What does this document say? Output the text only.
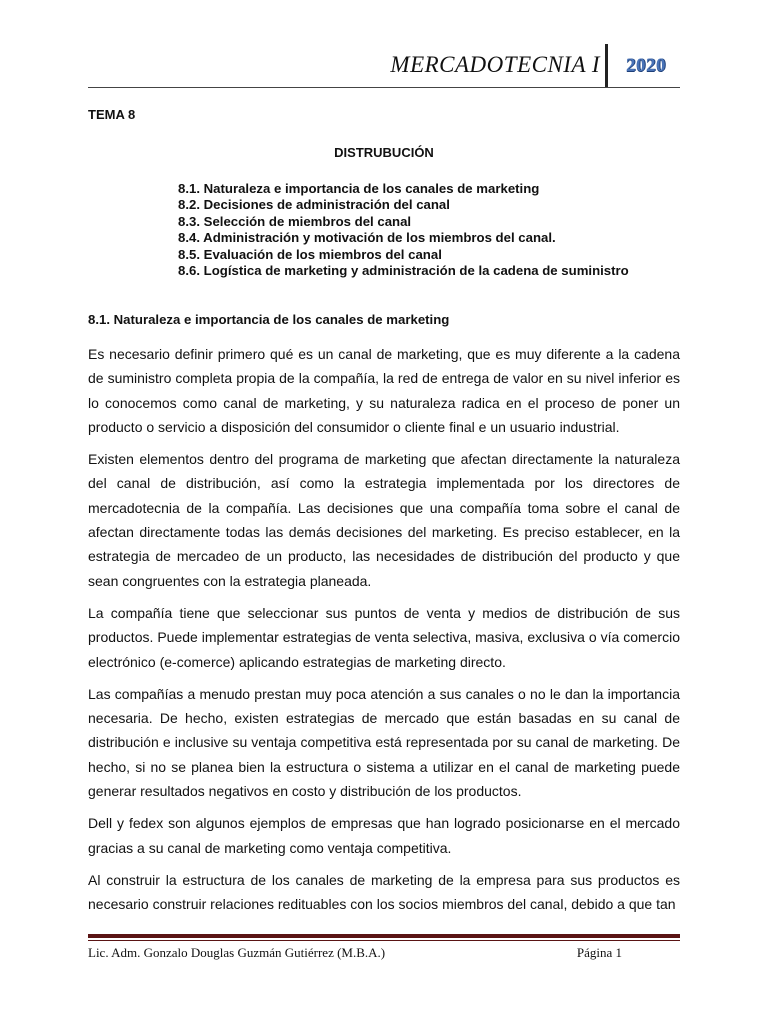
MERCADOTECNIA I 2020
TEMA 8
DISTRUBUCIÓN
8.1. Naturaleza e importancia de los canales de marketing
8.2. Decisiones de administración del canal
8.3. Selección de miembros del canal
8.4. Administración y motivación de los miembros del canal.
8.5. Evaluación de los miembros del canal
8.6. Logística de marketing y administración de la cadena de suministro
8.1. Naturaleza e importancia de los canales de marketing

Es necesario definir primero qué es un canal de marketing, que es muy diferente a la cadena de suministro completa propia de la compañía, la red de entrega de valor en su nivel inferior es lo conocemos como canal de marketing, y su naturaleza radica en el proceso de poner un producto o servicio a disposición del consumidor o cliente final e un usuario industrial.

Existen elementos dentro del programa de marketing que afectan directamente la naturaleza del canal de distribución, así como la estrategia implementada por los directores de mercadotecnia de la compañía. Las decisiones que una compañía toma sobre el canal de afectan directamente todas las demás decisiones del marketing. Es preciso establecer, en la estrategia de mercadeo de un producto, las necesidades de distribución del producto y que sean congruentes con la estrategia planeada.

La compañía tiene que seleccionar sus puntos de venta y medios de distribución de sus productos. Puede implementar estrategias de venta selectiva, masiva, exclusiva o vía comercio electrónico (e-comerce) aplicando estrategias de marketing directo.

Las compañías a menudo prestan muy poca atención a sus canales o no le dan la importancia necesaria. De hecho, existen estrategias de mercado que están basadas en su canal de distribución e inclusive su ventaja competitiva está representada por su canal de marketing. De hecho, si no se planea bien la estructura o sistema a utilizar en el canal de marketing puede generar resultados negativos en costo y distribución de los productos.

Dell y fedex son algunos ejemplos de empresas que han logrado posicionarse en el mercado gracias a su canal de marketing como ventaja competitiva.

Al construir la estructura de los canales de marketing de la empresa para sus productos es necesario construir relaciones redituables con los socios miembros del canal, debido a que tan

Lic. Adm. Gonzalo Douglas Guzmán Gutiérrez (M.B.A.)	Página 1
